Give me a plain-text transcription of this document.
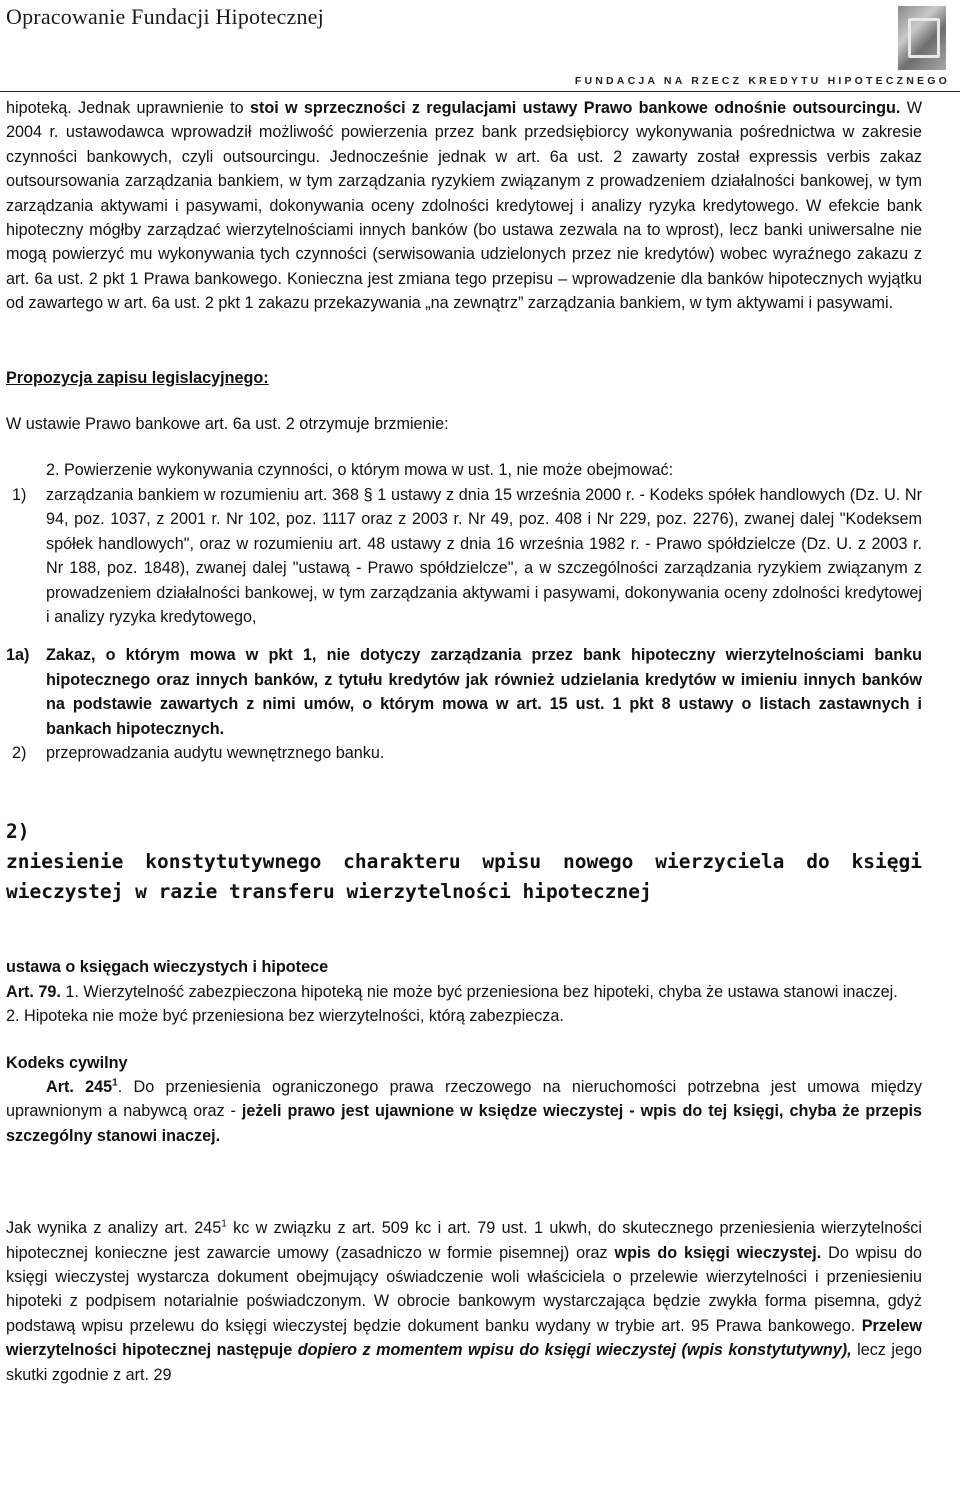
Opracowanie Fundacji Hipotecznej
FUNDACJA NA RZECZ KREDYTU HIPOTECZNEGO

hipoteką. Jednak uprawnienie to stoi w sprzeczności z regulacjami ustawy Prawo bankowe odnośnie outsourcingu. W 2004 r. ustawodawca wprowadził możliwość powierzenia przez bank przedsiębiorcy wykonywania pośrednictwa w zakresie czynności bankowych, czyli outsourcingu. Jednocześnie jednak w art. 6a ust. 2 zawarty został expressis verbis zakaz outsoursowania zarządzania bankiem, w tym zarządzania ryzykiem związanym z prowadzeniem działalności bankowej, w tym zarządzania aktywami i pasywami, dokonywania oceny zdolności kredytowej i analizy ryzyka kredytowego. W efekcie bank hipoteczny mógłby zarządzać wierzytelnościami innych banków (bo ustawa zezwala na to wprost), lecz banki uniwersalne nie mogą powierzyć mu wykonywania tych czynności (serwisowania udzielonych przez nie kredytów) wobec wyraźnego zakazu z art. 6a ust. 2 pkt 1 Prawa bankowego. Konieczna jest zmiana tego przepisu – wprowadzenie dla banków hipotecznych wyjątku od zawartego w art. 6a ust. 2 pkt 1 zakazu przekazywania „na zewnątrz” zarządzania bankiem, w tym aktywami i pasywami.

Propozycja zapisu legislacyjnego:

W ustawie Prawo bankowe art. 6a ust. 2 otrzymuje brzmienie:

2. Powierzenie wykonywania czynności, o którym mowa w ust. 1, nie może obejmować:

1) zarządzania bankiem w rozumieniu art. 368 § 1 ustawy z dnia 15 września 2000 r. - Kodeks spółek handlowych (Dz. U. Nr 94, poz. 1037, z 2001 r. Nr 102, poz. 1117 oraz z 2003 r. Nr 49, poz. 408 i Nr 229, poz. 2276), zwanej dalej "Kodeksem spółek handlowych", oraz w rozumieniu art. 48 ustawy z dnia 16 września 1982 r. - Prawo spółdzielcze (Dz. U. z 2003 r. Nr 188, poz. 1848), zwanej dalej "ustawą - Prawo spółdzielcze", a w szczególności zarządzania ryzykiem związanym z prowadzeniem działalności bankowej, w tym zarządzania aktywami i pasywami, dokonywania oceny zdolności kredytowej i analizy ryzyka kredytowego,
1a) Zakaz, o którym mowa w pkt 1, nie dotyczy zarządzania przez bank hipoteczny wierzytelnościami banku hipotecznego oraz innych banków, z tytułu kredytów jak również udzielania kredytów w imieniu innych banków na podstawie zawartych z nimi umów, o którym mowa w art. 15 ust. 1 pkt 8 ustawy o listach zastawnych i bankach hipotecznych.
2) przeprowadzania audytu wewnętrznego banku.

2)

zniesienie konstytutywnego charakteru wpisu nowego wierzyciela do księgi wieczystej w razie transferu wierzytelności hipotecznej

ustawa o księgach wieczystych i hipotece

Art. 79. 1. Wierzytelność zabezpieczona hipoteką nie może być przeniesiona bez hipoteki, chyba że ustawa stanowi inaczej.

2. Hipoteka nie może być przeniesiona bez wierzytelności, którą zabezpiecza.

Kodeks cywilny

Art. $245^1$. Do przeniesienia ograniczonego prawa rzeczowego na nieruchomości potrzebna jest umowa między uprawnionym a nabywcą oraz - jeżeli prawo jest ujawnione w księdze wieczystej - wpis do tej księgi, chyba że przepis szczególny stanowi inaczej.

Jak wynika z analizy art. $245^1$ kc w związku z art. 509 kc i art. 79 ust. 1 ukwh, do skutecznego przeniesienia wierzytelności hipotecznej konieczne jest zawarcie umowy (zasadniczo w formie pisemnej) oraz wpis do księgi wieczystej. Do wpisu do księgi wieczystej wystarcza dokument obejmujący oświadczenie woli właściciela o przelewie wierzytelności i przeniesieniu hipoteki z podpisem notarialnie poświadczonym. W obrocie bankowym wystarczająca będzie zwykła forma pisemna, gdyż podstawą wpisu przelewu do księgi wieczystej będzie dokument banku wydany w trybie art. 95 Prawa bankowego. Przelew wierzytelności hipotecznej następuje dopiero z momentem wpisu do księgi wieczystej (wpis konstytutywny), lecz jego skutki zgodnie z art. 29
